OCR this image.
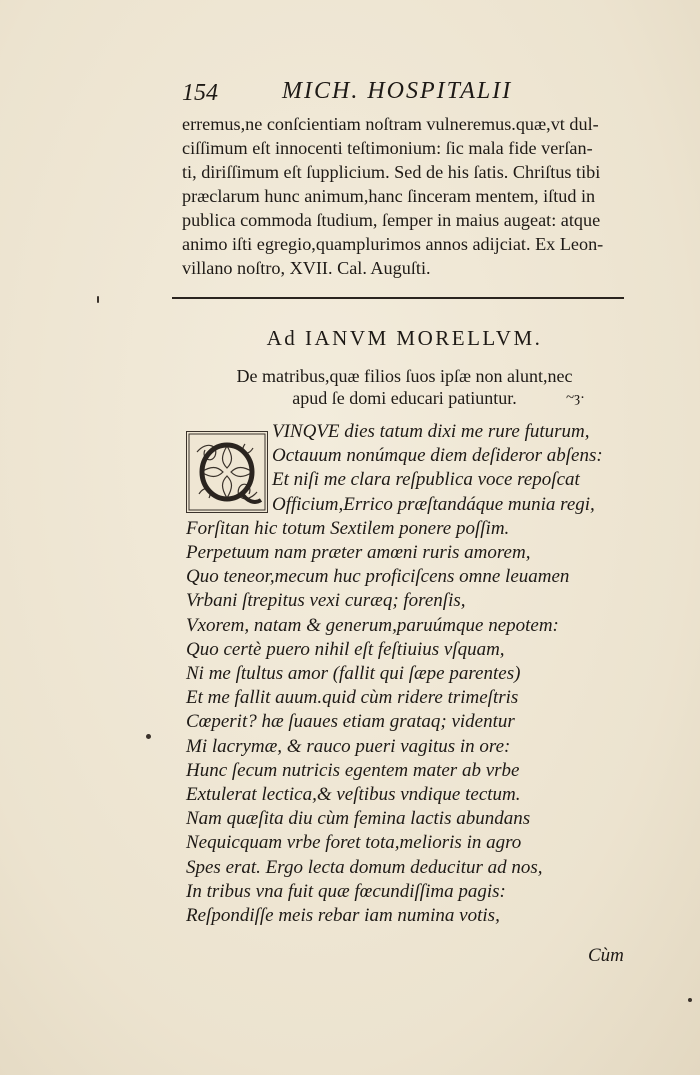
154	MICH. HOSPITALII
erremus,ne conſcientiam noſtram vulneremus.quæ,vt dul-
ciſſimum eſt innocenti teſtimonium: ſic mala fide verſan-
ti, diriſſimum eſt ſupplicium. Sed de his ſatis. Chriſtus tibi
præclarum hunc animum,hanc ſinceram mentem, iſtud in
publica commoda ſtudium, ſemper in maius augeat: atque
animo iſti egregio,quamplurimos annos adijciat. Ex Leon-
villano noſtro, XVII. Cal. Auguſti.
Ad IANVM MORELLVM.
De matribus,quæ filios ſuos ipſæ non alunt,nec
apud ſe domi educari patiuntur.	~ȝ·
VINQVE dies tatum dixi me rure futurum,
Octauum nonúmque diem deſideror abſens:
Et niſi me clara reſpublica voce repoſcat
Officium,Errico præſtandáque munia regi,
Forſitan hic totum Sextilem ponere poſſim.
Perpetuum nam præter amœni ruris amorem,
Quo teneor,mecum huc proficiſcens omne leuamen
Vrbani ſtrepitus vexi curæq; forenſis,
Vxorem, natam & generum,paruúmque nepotem:
Quo certè puero nihil eſt feſtiuius vſquam,
Ni me ſtultus amor (fallit qui ſæpe parentes)
Et me fallit auum.quid cùm ridere trimeſtris
Cœperit? hæ ſuaues etiam grataq; videntur
Mi lacrymæ, & rauco pueri vagitus in ore:
Hunc ſecum nutricis egentem mater ab vrbe
Extulerat lectica,& veſtibus vndique tectum.
Nam quæſita diu cùm femina lactis abundans
Nequicquam vrbe foret tota,melioris in agro
Spes erat. Ergo lecta domum deducitur ad nos,
In tribus vna fuit quæ fœcundiſſima pagis:
Reſpondiſſe meis rebar iam numina votis,
Cùm
